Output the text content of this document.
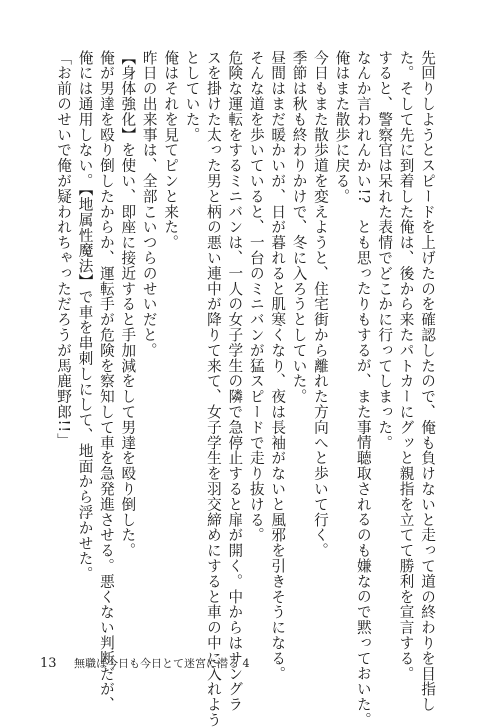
先回りしようとスピードを上げたのを確認したので、俺も負けないと走って道の終わりを目指し
た。そして先に到着した俺は、後から来たパトカーにグッと親指を立てて勝利を宣言する。
すると、警察官は呆れた表情でどこかに行ってしまった。
なんか言われんかい!?　とも思ったりもするが、また事情聴取されるのも嫌なので黙っておいた。
俺はまた散歩に戻る。
今日もまた散歩道を変えようと、住宅街から離れた方向へと歩いて行く。
季節は秋も終わりかけで、冬に入ろうとしていた。
昼間はまだ暖かいが、日が暮れると肌寒くなり、夜は長袖がないと風邪を引きそうになる。
そんな道を歩いていると、一台のミニバンが猛スピードで走り抜ける。
危険な運転をするミニバンは、一人の女子学生の隣で急停止すると扉が開く。中からはサングラ
スを掛けた太った男と柄の悪い連中が降りて来て、女子学生を羽交締めにすると車の中に入れよう
としていた。
俺はそれを見てピンと来た。
昨日の出来事は、全部こいつらのせいだと。
【身体強化】を使い、即座に接近すると手加減をして男達を殴り倒した。
俺が男達を殴り倒したからか、運転手が危険を察知して車を急発進させる。悪くない判断だが、
俺には通用しない。【地属性魔法】で車を串刺しにして、地面から浮かせた。
「お前のせいで俺が疑われちゃっただろうが馬鹿野郎!!」
13 無職は今日も今日とて迷宮に潜る 4
